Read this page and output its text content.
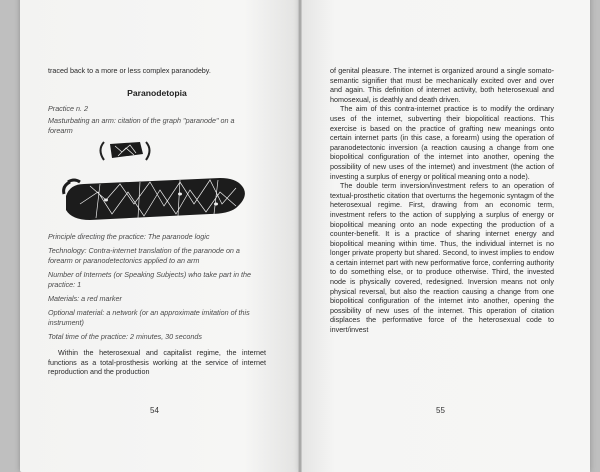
traced back to a more or less complex paranodeby.
Paranodetopia
Practice n. 2
Masturbating an arm: citation of the graph "paranode" on a forearm
Principle directing the practice: The paranode logic
Technology: Contra-internet translation of the paranode on a forearm or paranodetectonics applied to an arm
Number of Internets (or Speaking Subjects) who take part in the practice: 1
Materials: a red marker
Optional material: a network (or an approximate imitation of this instrument)
Total time of the practice: 2 minutes, 30 seconds

Within the heterosexual and capitalist regime, the internet functions as a total-prosthesis working at the service of internet reproduction and the production

54

of genital pleasure. The internet is organized around a single somato-semantic signifier that must be mechanically excited over and over and again. This definition of internet activity, both heterosexual and homosexual, is deathly and death driven.

The aim of this contra-internet practice is to modify the ordinary uses of the internet, subverting their biopolitical reactions. This exercise is based on the practice of grafting new meanings onto certain internet parts (in this case, a forearm) using the operation of paranodetectonic inversion (a reaction causing a change from one biopolitical configuration of the internet into another, opening the possibility of new uses of the internet) and investment (the action of investing a surplus of energy or political meaning onto a node).

The double term inversion/investment refers to an operation of textual-prosthetic citation that overturns the hegemonic syntagm of the heterosexual regime. First, drawing from an economic term, investment refers to the action of supplying a surplus of energy or biopolitical meaning onto an node expecting the production of a counter-benefit. It is a practice of sharing internet energy and biopolitical meaning within time. Thus, the individual internet is no longer private property but shared. Second, to invest implies to endow a certain internet part with new performative force, conferring authority to do something else, or to produce otherwise. Third, the invested node is physically covered, redesigned. Inversion means not only physical reversal, but also the reaction causing a change from one biopolitical configuration of the internet into another, opening the possibility of new uses of the internet. This operation of citation displaces the performative force of the heterosexual code to invert/invest

55
